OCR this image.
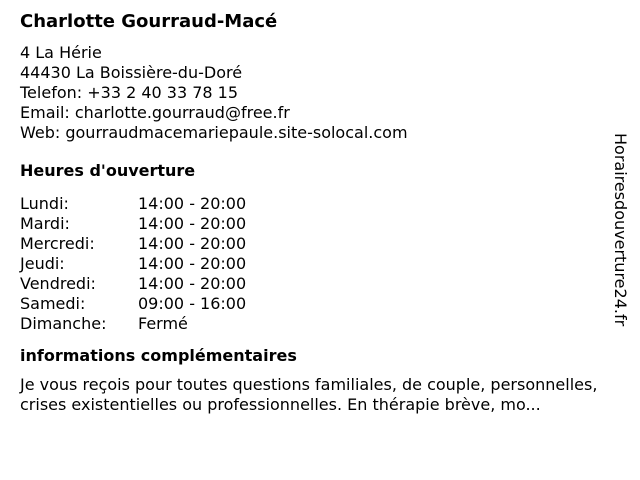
Charlotte Gourraud-Macé
4 La Hérie
44430 La Boissière-du-Doré
Telefon: +33 2 40 33 78 15
Email: charlotte.gourraud@free.fr
Web: gourraudmacemariepaule.site-solocal.com
Heures d'ouverture
Lundi:	14:00 - 20:00
Mardi:	14:00 - 20:00
Mercredi:	14:00 - 20:00
Jeudi:	14:00 - 20:00
Vendredi:	14:00 - 20:00
Samedi:	09:00 - 16:00
Dimanche:	Fermé
informations complémentaires
Je vous reçois pour toutes questions familiales, de couple, personnelles, crises existentielles ou professionnelles. En thérapie brève, mo...
Horairesdouverture24.fr
